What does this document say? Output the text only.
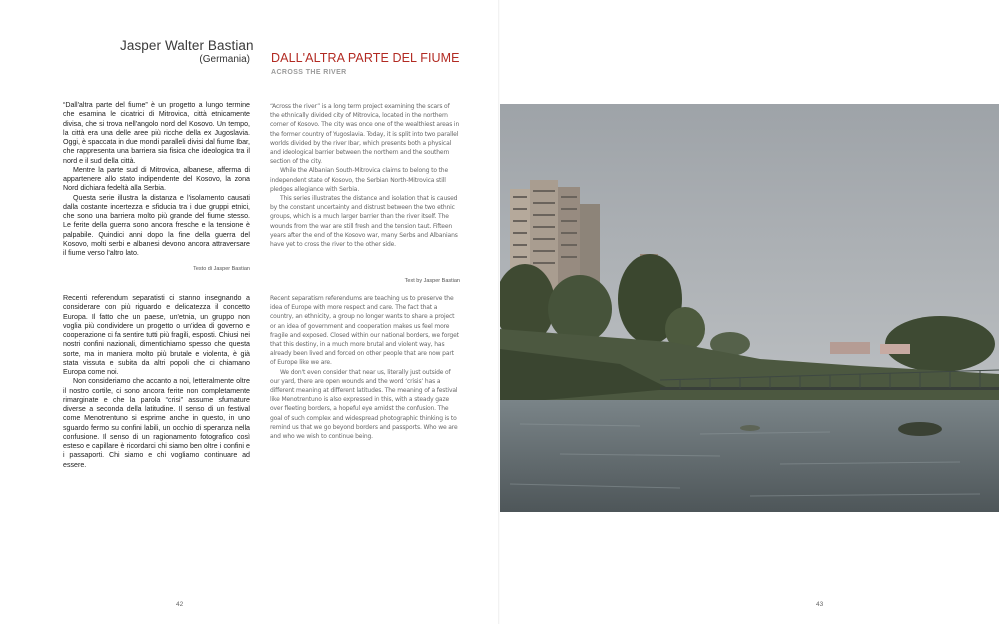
Jasper Walter Bastian
(Germania) DALL'ALTRA PARTE DEL FIUME
ACROSS THE RIVER

“Dall'altra parte del fiume” è un progetto a lungo termine che esamina le cicatrici di Mitrovica, città etnicamente divisa, che si trova nell'angolo nord del Kosovo. Un tempo, la città era una delle aree più ricche della ex Jugoslavia. Oggi, è spaccata in due mondi paralleli divisi dal fiume Ibar, che rappresenta una barriera sia fisica che ideologica tra il nord e il sud della città.

Mentre la parte sud di Mitrovica, albanese, afferma di appartenere allo stato indipendente del Kosovo, la zona Nord dichiara fedeltà alla Serbia.

Questa serie illustra la distanza e l'isolamento causati dalla costante incertezza e sfiducia tra i due gruppi etnici, che sono una barriera molto più grande del fiume stesso. Le ferite della guerra sono ancora fresche e la tensione è palpabile. Quindici anni dopo la fine della guerra del Kosovo, molti serbi e albanesi devono ancora attraversare il fiume verso l'altro lato.

Testo di Jasper Bastian

“Across the river” is a long term project examining the scars of the ethnically divided city of Mitrovica, located in the northern corner of Kosovo. The city was once one of the wealthiest areas in the former country of Yugoslavia. Today, it is split into two parallel worlds divided by the river Ibar, which presents both a physical and ideological barrier between the northern and the southern section of the city.

While the Albanian South-Mitrovica claims to belong to the independent state of Kosovo, the Serbian North-Mitrovica still pledges allegiance with Serbia.

This series illustrates the distance and isolation that is caused by the constant uncertainty and distrust between the two ethnic groups, which is a much larger barrier than the river itself. The wounds from the war are still fresh and the tension taut. Fifteen years after the end of the Kosovo war, many Serbs and Albanians have yet to cross the river to the other side.

Text by Jasper Bastian

Recenti referendum separatisti ci stanno insegnando a considerare con più riguardo e delicatezza il concetto Europa. Il fatto che un paese, un'etnia, un gruppo non voglia più condividere un progetto o un'idea di governo e cooperazione ci fa sentire tutti più fragili, esposti. Chiusi nei nostri confini nazionali, dimentichiamo spesso che questa sorte, ma in maniera molto più brutale e violenta, è già stata vissuta e subita da altri popoli che ci chiamano Europa come noi.

Non consideriamo che accanto a noi, letteralmente oltre il nostro cortile, ci sono ancora ferite non completamente rimarginate e che la parola “crisi” assume sfumature diverse a seconda della latitudine. Il senso di un festival come Menotrentuno si esprime anche in questo, in uno sguardo fermo su confini labili, un occhio di speranza nella confusione. Il senso di un ragionamento fotografico così esteso e capillare è ricordarci chi siamo ben oltre i confini e i passaporti. Chi siamo e chi vogliamo continuare ad essere.

Recent separatism referendums are teaching us to preserve the idea of Europe with more respect and care. The fact that a country, an ethnicity, a group no longer wants to share a project or an idea of government and cooperation makes us feel more fragile and exposed. Closed within our national borders, we forget that this destiny, in a much more brutal and violent way, has already been lived and forced on other people that are now part of Europe like we are.

We don't even consider that near us, literally just outside of our yard, there are open wounds and the word ‘crisis’ has a different meaning at different latitudes. The meaning of a festival like Menotrentuno is also expressed in this, with a steady gaze over fleeting borders, a hopeful eye amidst the confusion. The goal of such complex and widespread photographic thinking is to remind us that we go beyond borders and passports. Who we are and who we wish to continue being.

42	43
